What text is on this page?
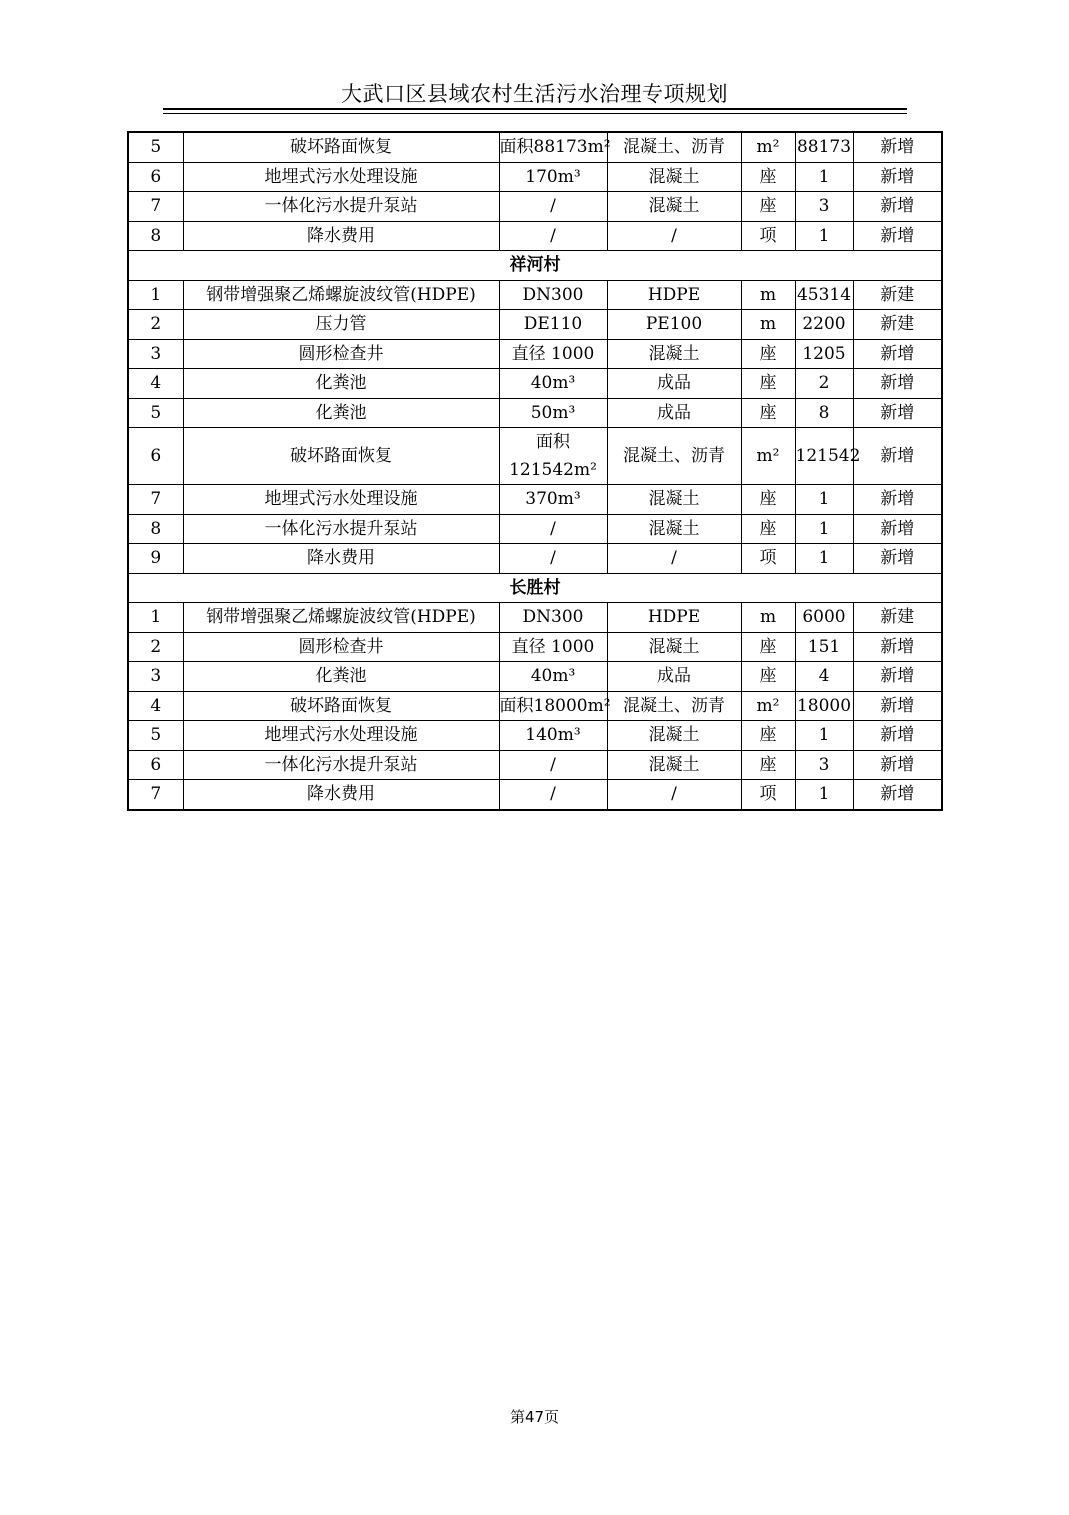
大武口区县域农村生活污水治理专项规划
5	破坏路面恢复	面积88173m²	混凝土、沥青	m²	88173	新增
6	地埋式污水处理设施	170m³	混凝土	座	1	新增
7	一体化污水提升泵站	/	混凝土	座	3	新增
8	降水费用	/	/	项	1	新增
祥河村						
1	钢带增强聚乙烯螺旋波纹管(HDPE)	DN300	HDPE	m	45314	新建
2	压力管	DE110	PE100	m	2200	新建
3	圆形检查井	直径 1000	混凝土	座	1205	新增
4	化粪池	40m³	成品	座	2	新增
5	化粪池	50m³	成品	座	8	新增
6	破坏路面恢复	面积 121542m²	混凝土、沥青	m²	121542	新增
7	地埋式污水处理设施	370m³	混凝土	座	1	新增
8	一体化污水提升泵站	/	混凝土	座	1	新增
9	降水费用	/	/	项	1	新增
长胜村						
1	钢带增强聚乙烯螺旋波纹管(HDPE)	DN300	HDPE	m	6000	新建
2	圆形检查井	直径 1000	混凝土	座	151	新增
3	化粪池	40m³	成品	座	4	新增
4	破坏路面恢复	面积18000m²	混凝土、沥青	m²	18000	新增
5	地埋式污水处理设施	140m³	混凝土	座	1	新增
6	一体化污水提升泵站	/	混凝土	座	3	新增
7	降水费用	/	/	项	1	新增
第47页
